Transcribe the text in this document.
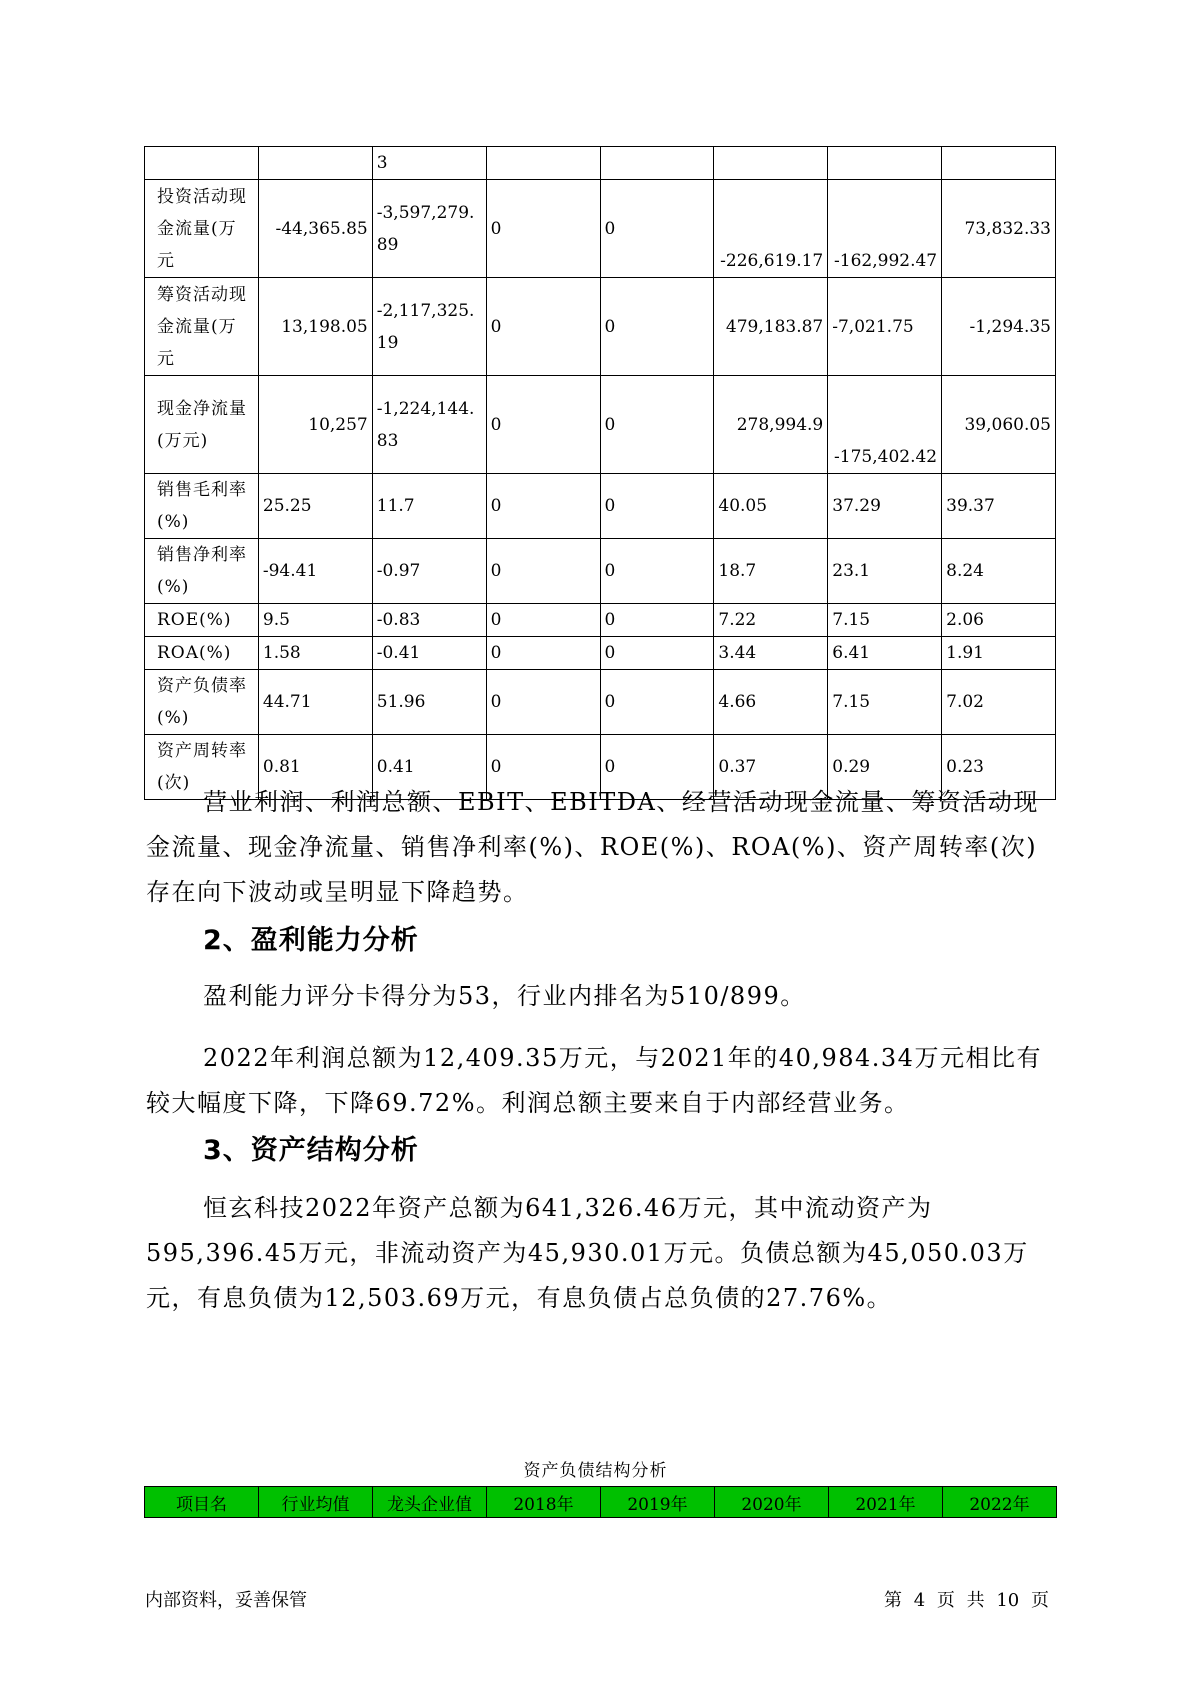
		3					
投资活动现金流量(万元	-44,365.85	-3,597,279.89	0	0	-226,619.17	-162,992.47	73,832.33
筹资活动现金流量(万元	13,198.05	-2,117,325.19	0	0	479,183.87	-7,021.75	-1,294.35
现金净流量(万元)	10,257	-1,224,144.83	0	0	278,994.9	-175,402.42	39,060.05
销售毛利率(%)	25.25	11.7	0	0	40.05	37.29	39.37
销售净利率(%)	-94.41	-0.97	0	0	18.7	23.1	8.24
ROE(%)	9.5	-0.83	0	0	7.22	7.15	2.06
ROA(%)	1.58	-0.41	0	0	3.44	6.41	1.91
资产负债率(%)	44.71	51.96	0	0	4.66	7.15	7.02
资产周转率(次)	0.81	0.41	0	0	0.37	0.29	0.23

营业利润、利润总额、EBIT、EBITDA、经营活动现金流量、筹资活动现金流量、现金净流量、销售净利率(%)、ROE(%)、ROA(%)、资产周转率(次)存在向下波动或呈明显下降趋势。

2、盈利能力分析

盈利能力评分卡得分为53，行业内排名为510/899。

2022年利润总额为12,409.35万元，与2021年的40,984.34万元相比有较大幅度下降，下降69.72%。利润总额主要来自于内部经营业务。

3、资产结构分析

恒玄科技2022年资产总额为641,326.46万元，其中流动资产为595,396.45万元，非流动资产为45,930.01万元。负债总额为45,050.03万元，有息负债为12,503.69万元，有息负债占总负债的27.76%。

资产负债结构分析
项目名	行业均值	龙头企业值	2018年	2019年	2020年	2021年	2022年
内部资料，妥善保管	第 4 页 共 10 页
